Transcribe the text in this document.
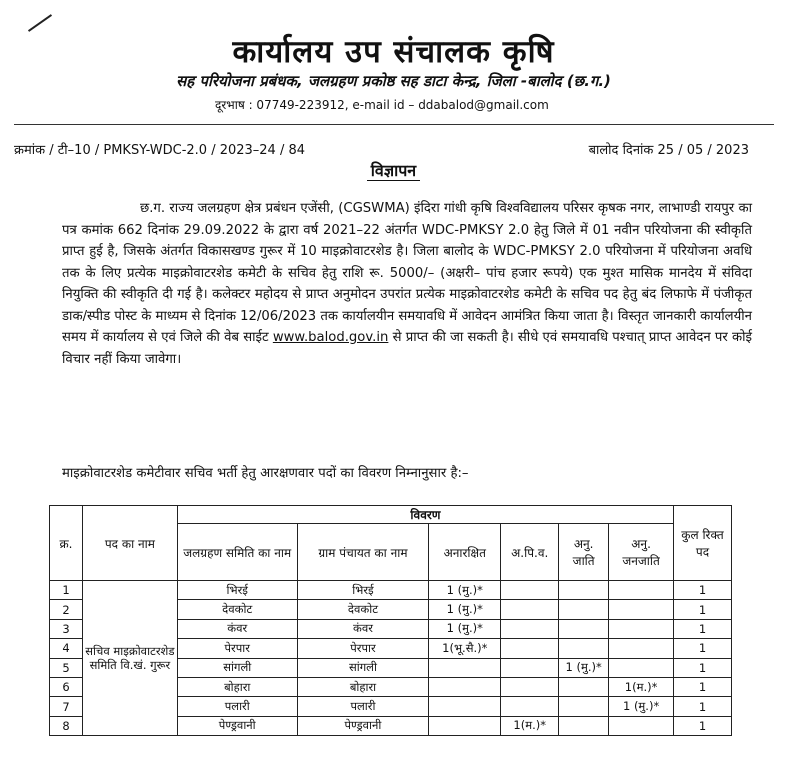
कार्यालय उप संचालक कृषि
सह परियोजना प्रबंधक, जलग्रहण प्रकोष्ठ सह डाटा केन्द्र, जिला -बालोद (छ.ग.)
दूरभाष : 07749-223912, e-mail id – ddabalod@gmail.com
क्रमांक / टी–10 / PMKSY-WDC-2.0 / 2023–24 / 84	बालोद दिनांक 25 / 05 / 2023
विज्ञापन

छ.ग. राज्य जलग्रहण क्षेत्र प्रबंधन एजेंसी, (CGSWMA) इंदिरा गांधी कृषि विश्वविद्यालय परिसर कृषक नगर, लाभाण्डी रायपुर का पत्र कमांक 662 दिनांक 29.09.2022 के द्वारा वर्ष 2021–22 अंतर्गत WDC-PMKSY 2.0 हेतु जिले में 01 नवीन परियोजना की स्वीकृति प्राप्त हुई है, जिसके अंतर्गत विकासखण्ड गुरूर में 10 माइक्रोवाटरशेड है। जिला बालोद के WDC-PMKSY 2.0 परियोजना में परियोजना अवधि तक के लिए प्रत्येक माइक्रोवाटरशेड कमेटी के सचिव हेतु राशि रू. 5000/– (अक्षरी– पांच हजार रूपये) एक मुश्त मासिक मानदेय में संविदा नियुक्ति की स्वीकृति दी गई है। कलेक्टर महोदय से प्राप्त अनुमोदन उपरांत प्रत्येक माइक्रोवाटरशेड कमेटी के सचिव पद हेतु बंद लिफाफे में पंजीकृत डाक/स्पीड पोस्ट के माध्यम से दिनांक 12/06/2023 तक कार्यालयीन समयावधि में आवेदन आमंत्रित किया जाता है। विस्तृत जानकारी कार्यालयीन समय में कार्यालय से एवं जिले की वेब साईट www.balod.gov.in से प्राप्त की जा सकती है। सीधे एवं समयावधि पश्चात् प्राप्त आवेदन पर कोई विचार नहीं किया जावेगा।

माइक्रोवाटरशेड कमेटीवार सचिव भर्ती हेतु आरक्षणवार पदों का विवरण निम्नानुसार है:–
क्र.	पद का नाम	विवरण						कुल रिक्त पद
		जलग्रहण समिति का नाम	ग्राम पंचायत का नाम	अनारक्षित	अ.पि.व.	अनु. जाति	अनु. जनजाति	
1	सचिव माइक्रोवाटरशेड समिति वि.खं. गुरूर	भिरई	भिरई	1 (मु.)*				1
2		देवकोट	देवकोट	1 (मु.)*				1
3		कंवर	कंवर	1 (मु.)*				1
4		पेरपार	पेरपार	1(भू.सै.)*				1
5		सांगली	सांगली			1 (मु.)*		1
6		बोहारा	बोहारा				1(म.)*	1
7		पलारी	पलारी				1 (मु.)*	1
8		पेण्ड्रवानी	पेण्ड्रवानी		1(म.)*			1
